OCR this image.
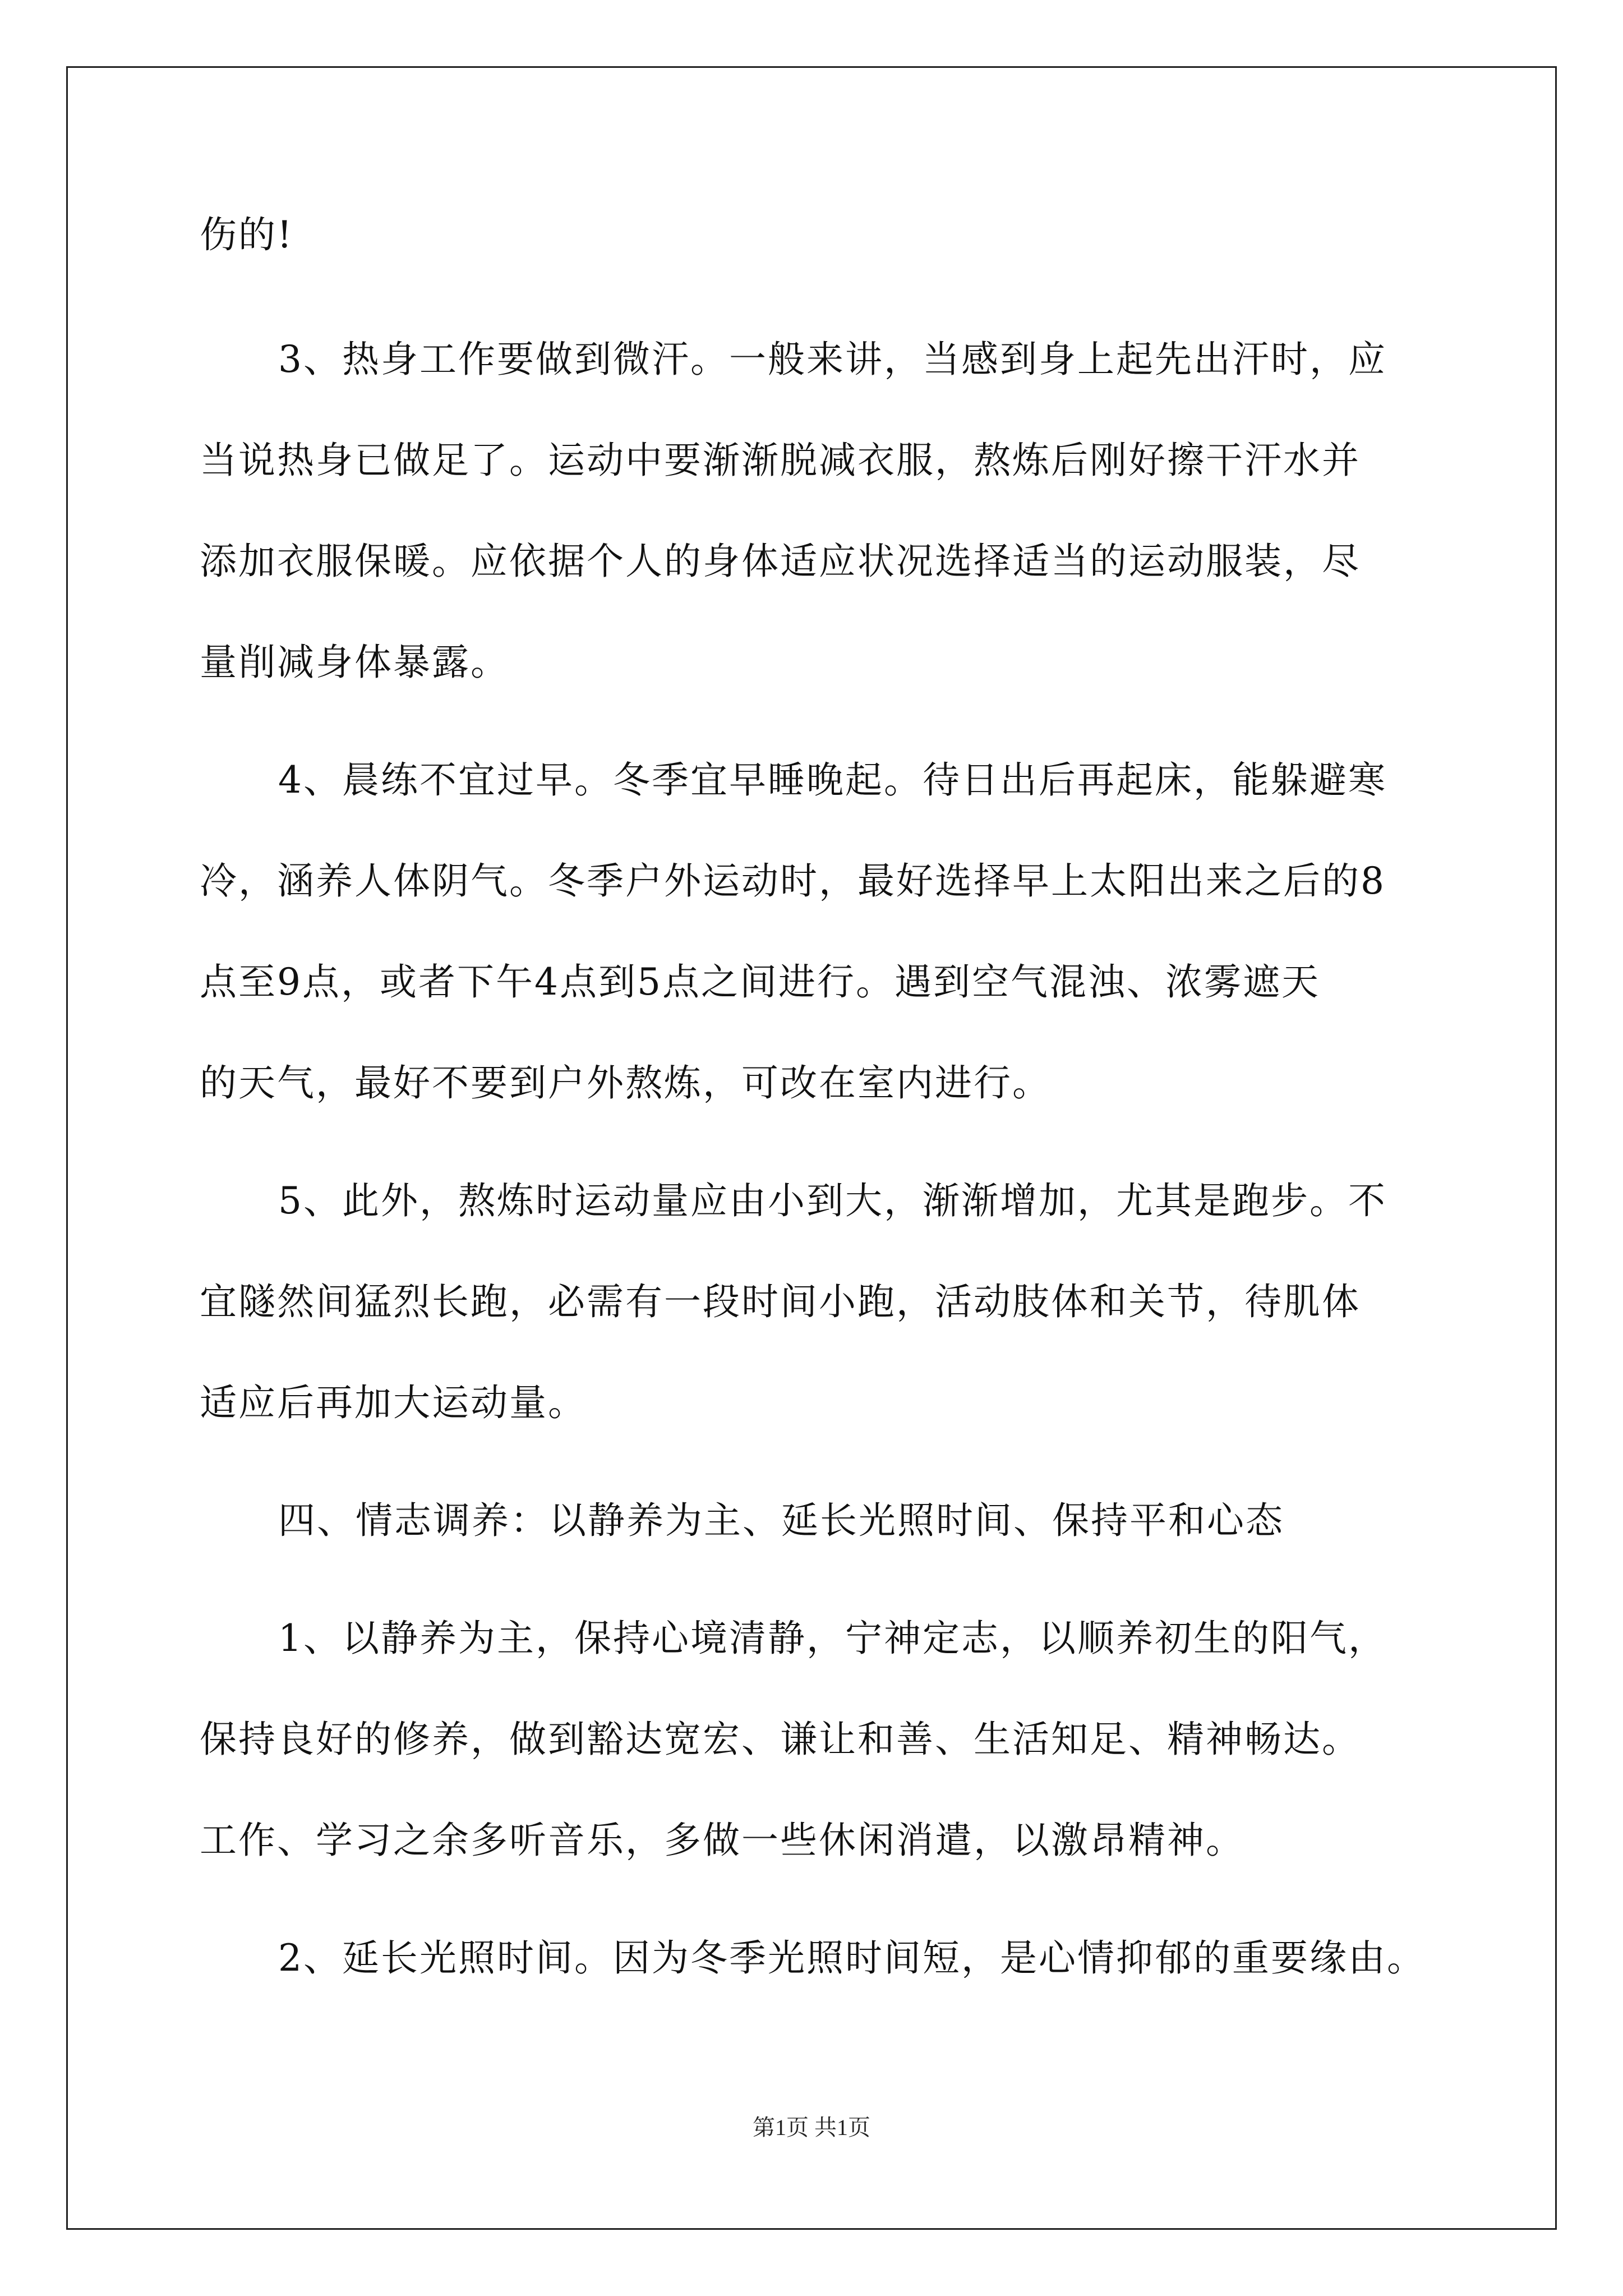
伤的!
3、热身工作要做到微汗。一般来讲，当感到身上起先出汗时，应
当说热身已做足了。运动中要渐渐脱减衣服，熬炼后刚好擦干汗水并
添加衣服保暖。应依据个人的身体适应状况选择适当的运动服装，尽
量削减身体暴露。
4、晨练不宜过早。冬季宜早睡晚起。待日出后再起床，能躲避寒
冷，涵养人体阴气。冬季户外运动时，最好选择早上太阳出来之后的8
点至9点，或者下午4点到5点之间进行。遇到空气混浊、浓雾遮天
的天气，最好不要到户外熬炼，可改在室内进行。
5、此外，熬炼时运动量应由小到大，渐渐增加，尤其是跑步。不
宜隧然间猛烈长跑，必需有一段时间小跑，活动肢体和关节，待肌体
适应后再加大运动量。
四、情志调养：以静养为主、延长光照时间、保持平和心态
1、以静养为主，保持心境清静，宁神定志，以顺养初生的阳气，
保持良好的修养，做到豁达宽宏、谦让和善、生活知足、精神畅达。
工作、学习之余多听音乐，多做一些休闲消遣，以激昂精神。
2、延长光照时间。因为冬季光照时间短，是心情抑郁的重要缘由。
第1页 共1页
